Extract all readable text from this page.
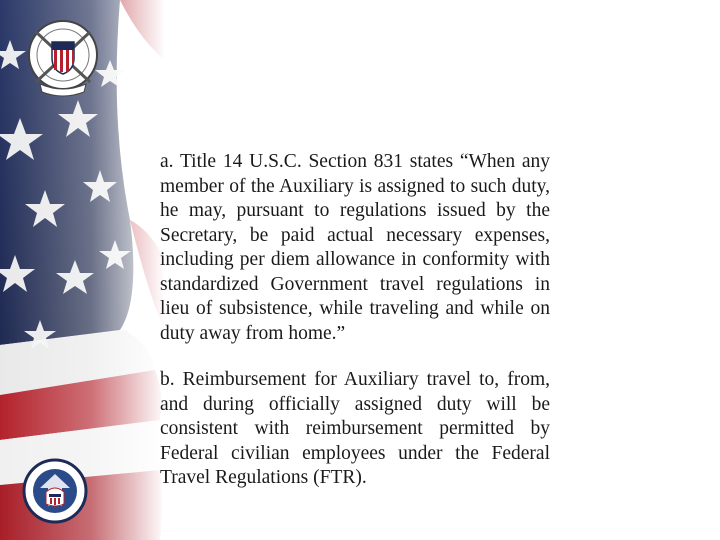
a. Title 14 U.S.C. Section 831 states “When any member of the Auxiliary is assigned to such duty, he may, pursuant to regulations issued by the Secretary, be paid actual necessary expenses, including per diem allowance in conformity with standardized Government travel regulations in lieu of subsistence, while traveling and while on duty away from home.”

b. Reimbursement for Auxiliary travel to, from, and during officially assigned duty will be consistent with reimbursement permitted by Federal civilian employees under the Federal Travel Regulations (FTR).
